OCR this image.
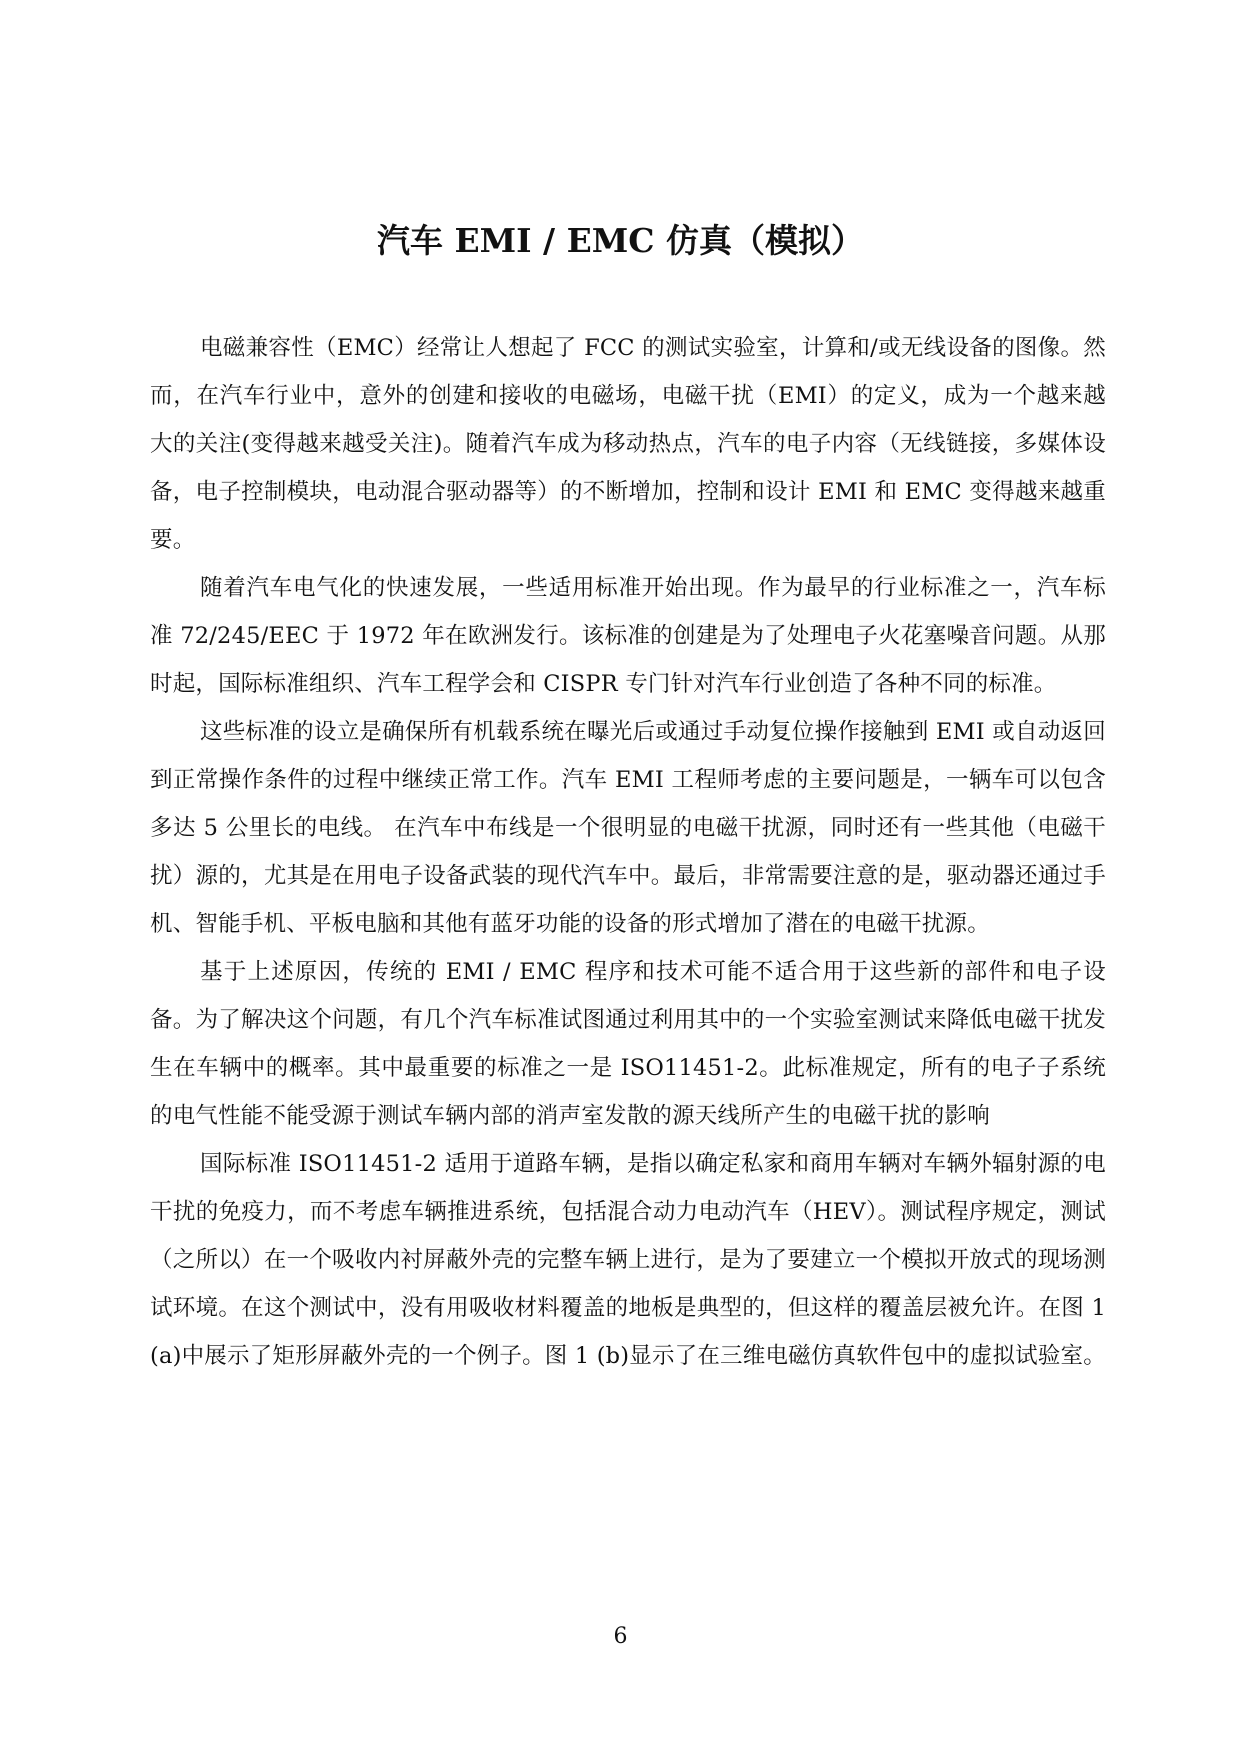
汽车 EMI / EMC 仿真（模拟）

电磁兼容性（EMC）经常让人想起了 FCC 的测试实验室，计算和/或无线设备的图像。然而，在汽车行业中，意外的创建和接收的电磁场，电磁干扰（EMI）的定义，成为一个越来越大的关注(变得越来越受关注)。随着汽车成为移动热点，汽车的电子内容（无线链接，多媒体设备，电子控制模块，电动混合驱动器等）的不断增加，控制和设计 EMI 和 EMC 变得越来越重要。

随着汽车电气化的快速发展，一些适用标准开始出现。作为最早的行业标准之一，汽车标准 72/245/EEC 于 1972 年在欧洲发行。该标准的创建是为了处理电子火花塞噪音问题。从那时起，国际标准组织、汽车工程学会和 CISPR 专门针对汽车行业创造了各种不同的标准。

这些标准的设立是确保所有机载系统在曝光后或通过手动复位操作接触到 EMI 或自动返回到正常操作条件的过程中继续正常工作。汽车 EMI 工程师考虑的主要问题是，一辆车可以包含多达 5 公里长的电线。 在汽车中布线是一个很明显的电磁干扰源，同时还有一些其他（电磁干扰）源的，尤其是在用电子设备武装的现代汽车中。最后，非常需要注意的是，驱动器还通过手机、智能手机、平板电脑和其他有蓝牙功能的设备的形式增加了潜在的电磁干扰源。

基于上述原因，传统的 EMI / EMC 程序和技术可能不适合用于这些新的部件和电子设备。为了解决这个问题，有几个汽车标准试图通过利用其中的一个实验室测试来降低电磁干扰发生在车辆中的概率。其中最重要的标准之一是 ISO11451-2。此标准规定，所有的电子子系统的电气性能不能受源于测试车辆内部的消声室发散的源天线所产生的电磁干扰的影响

国际标准 ISO11451-2 适用于道路车辆，是指以确定私家和商用车辆对车辆外辐射源的电干扰的免疫力，而不考虑车辆推进系统，包括混合动力电动汽车（HEV）。测试程序规定，测试（之所以）在一个吸收内衬屏蔽外壳的完整车辆上进行，是为了要建立一个模拟开放式的现场测试环境。在这个测试中，没有用吸收材料覆盖的地板是典型的，但这样的覆盖层被允许。在图 1 (a)中展示了矩形屏蔽外壳的一个例子。图 1 (b)显示了在三维电磁仿真软件包中的虚拟试验室。

6
